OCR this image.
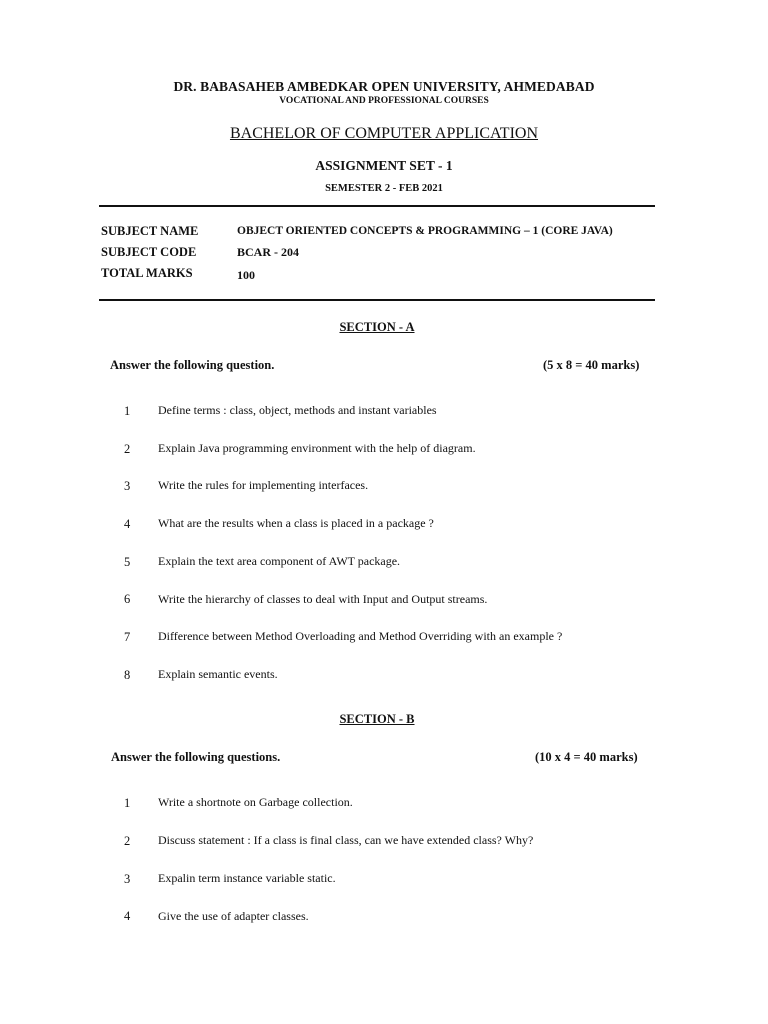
DR. BABASAHEB AMBEDKAR OPEN UNIVERSITY, AHMEDABAD
VOCATIONAL AND PROFESSIONAL COURSES
BACHELOR OF COMPUTER APPLICATION
ASSIGNMENT SET - 1
SEMESTER 2 - FEB 2021
SUBJECT NAME	OBJECT ORIENTED CONCEPTS & PROGRAMMING – 1 (CORE JAVA)
SUBJECT CODE	BCAR - 204
TOTAL MARKS	100
SECTION - A
Answer the following question.	(5 x 8 = 40 marks)
1 Define terms : class, object, methods and instant variables
2 Explain Java programming environment with the help of diagram.
3 Write the rules for implementing interfaces.
4 What are the results when a class is placed in a package ?
5 Explain the text area component of AWT package.
6 Write the hierarchy of classes to deal with Input and Output streams.
7 Difference between Method Overloading and Method Overriding with an example ?
8 Explain semantic events.
SECTION - B
Answer the following questions.	(10 x 4 = 40 marks)
1 Write a shortnote on Garbage collection.
2 Discuss statement : If a class is final class, can we have extended class? Why?
3 Expalin term instance variable static.
4 Give the use of adapter classes.
